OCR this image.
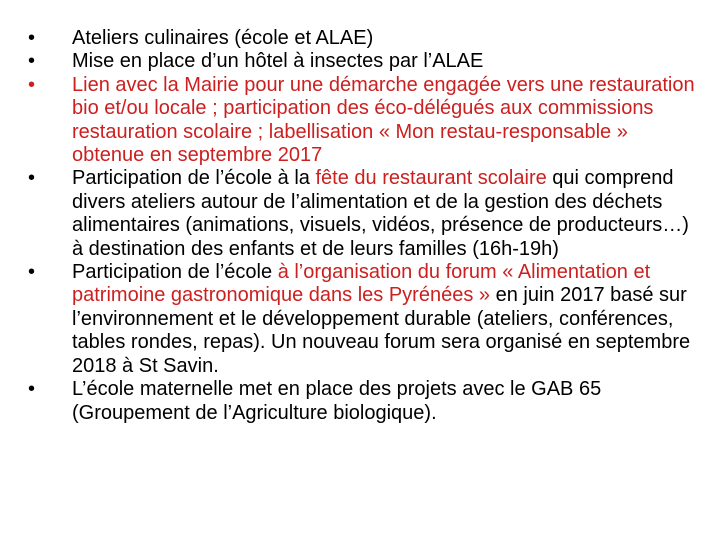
•	Ateliers culinaires (école et ALAE)
•	Mise en place d’un hôtel à insectes par l’ALAE
•	Lien avec la Mairie pour une démarche engagée vers une restauration bio et/ou locale ; participation des éco-délégués aux commissions restauration scolaire ; labellisation « Mon restau-responsable » obtenue en septembre 2017
•	Participation de l’école à la fête du restaurant scolaire qui comprend divers ateliers autour de l’alimentation et de la gestion des déchets alimentaires (animations, visuels, vidéos, présence de producteurs…) à destination des enfants et de leurs familles (16h-19h)
•	Participation de l’école à l’organisation du forum « Alimentation et patrimoine gastronomique dans les Pyrénées » en juin 2017 basé sur l’environnement et le développement durable (ateliers, conférences, tables rondes, repas). Un nouveau forum sera organisé en septembre 2018 à St Savin.
•	L’école maternelle met en place des projets avec le GAB 65 (Groupement de l’Agriculture biologique).
